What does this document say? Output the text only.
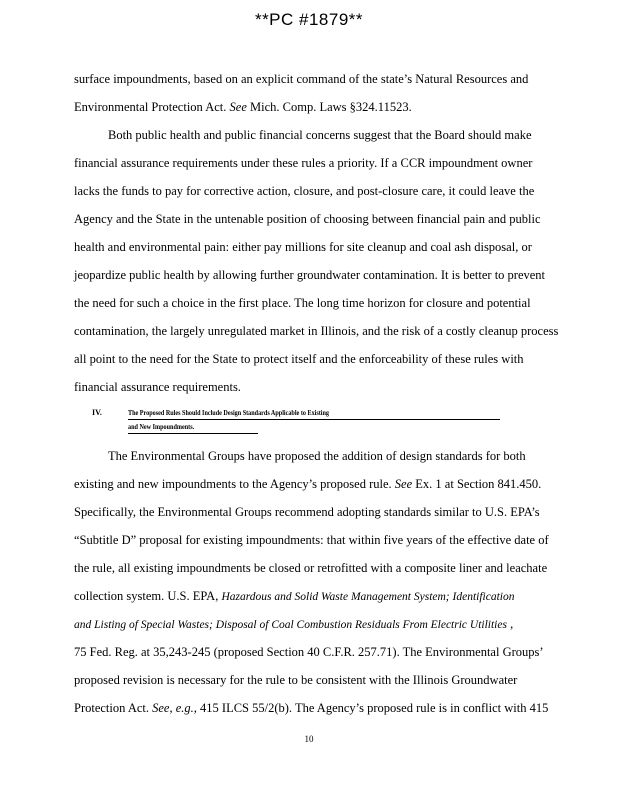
**PC #1879**
surface impoundments, based on an explicit command of the state’s Natural Resources and
Environmental Protection Act. See Mich. Comp. Laws §324.11523.
Both public health and public financial concerns suggest that the Board should make
financial assurance requirements under these rules a priority. If a CCR impoundment owner
lacks the funds to pay for corrective action, closure, and post-closure care, it could leave the
Agency and the State in the untenable position of choosing between financial pain and public
health and environmental pain: either pay millions for site cleanup and coal ash disposal, or
jeopardize public health by allowing further groundwater contamination. It is better to prevent
the need for such a choice in the first place. The long time horizon for closure and potential
contamination, the largely unregulated market in Illinois, and the risk of a costly cleanup process
all point to the need for the State to protect itself and the enforceability of these rules with
financial assurance requirements.
IV.	The Proposed Rules Should Include Design Standards Applicable to Existing
and New Impoundments.
The Environmental Groups have proposed the addition of design standards for both
existing and new impoundments to the Agency’s proposed rule. See Ex. 1 at Section 841.450.
Specifically, the Environmental Groups recommend adopting standards similar to U.S. EPA’s
“Subtitle D” proposal for existing impoundments: that within five years of the effective date of
the rule, all existing impoundments be closed or retrofitted with a composite liner and leachate
collection system. U.S. EPA, Hazardous and Solid Waste Management System; Identification
and Listing of Special Wastes; Disposal of Coal Combustion Residuals From Electric Utilities ,
75 Fed. Reg. at 35,243-245 (proposed Section 40 C.F.R. 257.71). The Environmental Groups’
proposed revision is necessary for the rule to be consistent with the Illinois Groundwater
Protection Act. See, e.g., 415 ILCS 55/2(b). The Agency’s proposed rule is in conflict with 415
10
